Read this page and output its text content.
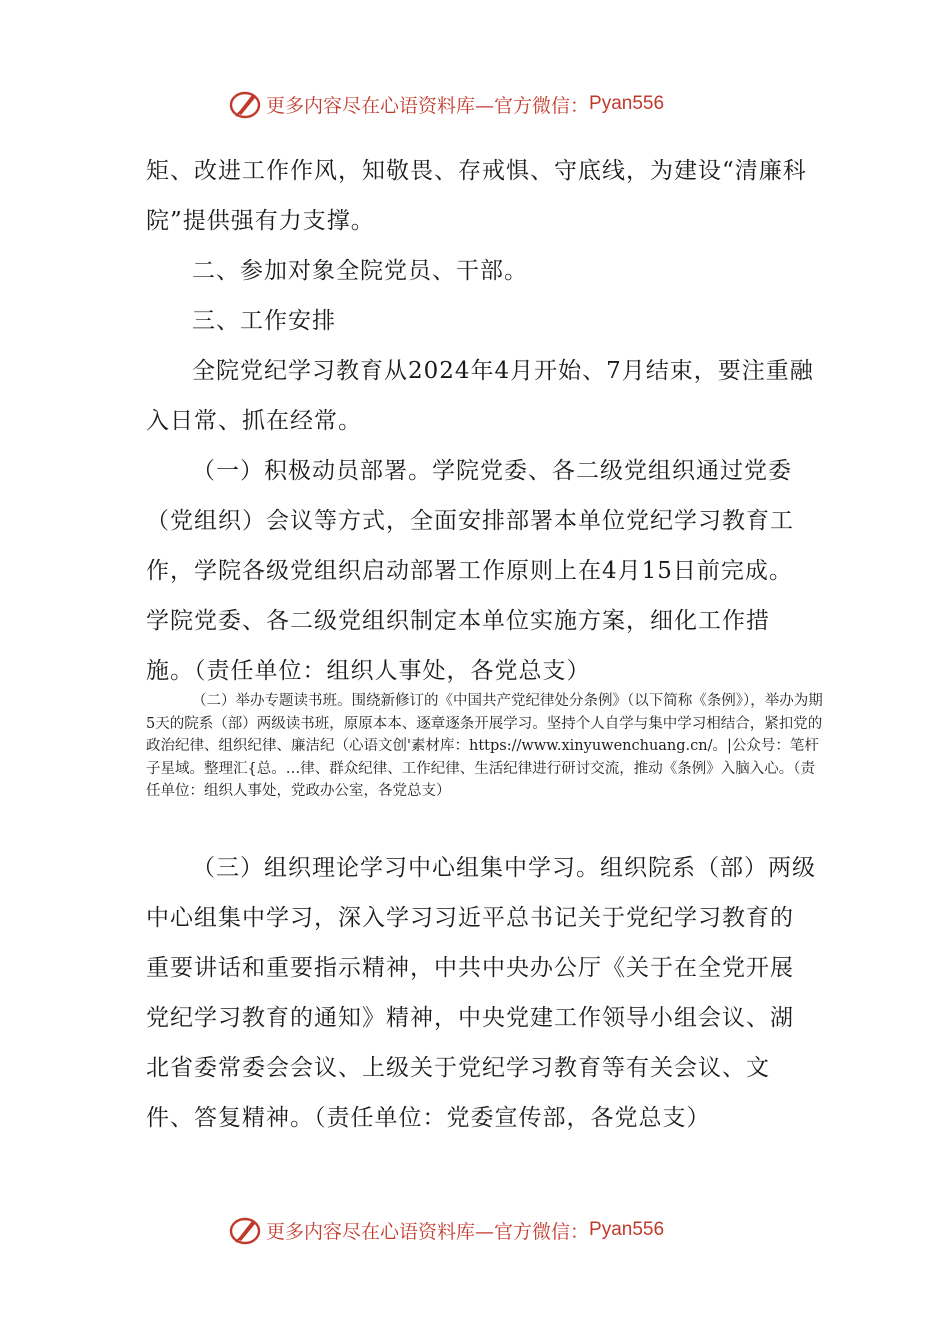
更多内容尽在心语资料库 —官方微信： Pyan556
矩、改进工作作风，知敬畏、存戒惧、守底线，为建设“清廉科院”提供强有力支撑。
二、参加对象全院党员、干部。
三、工作安排
全院党纪学习教育从2024年4月开始、7月结束，要注重融入日常、抓在经常。
（一）积极动员部署。学院党委、各二级党组织通过党委（党组织）会议等方式，全面安排部署本单位党纪学习教育工作，学院各级党组织启动部署工作原则上在4月15日前完成。学院党委、各二级党组织制定本单位实施方案，细化工作措施。（责任单位：组织人事处，各党总支）
（二）举办专题读书班。围绕新修订的《中国共产党纪律处分条例》（以下简称《条例》），举办为期5天的院系（部）两级读书班，原原本本、逐章逐条开展学习。坚持个人自学与集中学习相结合，紧扣党的政治纪律、组织纪律、廉洁纪（心语文创'素材库：https://www.xinyuwenchuang.cn/。|公众号：笔杆子星域。整理汇{总。…律、群众纪律、工作纪律、生活纪律进行研讨交流，推动《条例》入脑入心。（责任单位：组织人事处，党政办公室，各党总支）
（三）组织理论学习中心组集中学习。组织院系（部）两级中心组集中学习，深入学习习近平总书记关于党纪学习教育的重要讲话和重要指示精神，中共中央办公厅《关于在全党开展党纪学习教育的通知》精神，中央党建工作领导小组会议、湖北省委常委会会议、上级关于党纪学习教育等有关会议、文件、答复精神。（责任单位：党委宣传部，各党总支）
更多内容尽在心语资料库 —官方微信： Pyan556
